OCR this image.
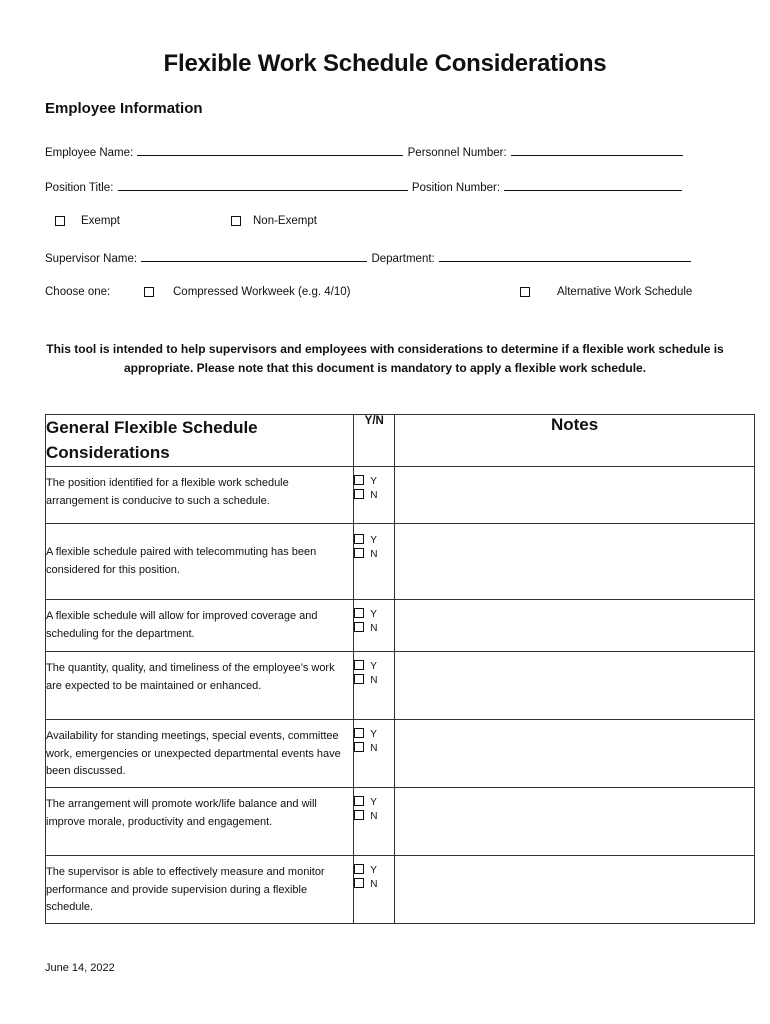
Flexible Work Schedule Considerations
Employee Information
Employee Name:	Personnel Number:
Position Title:	Position Number:
Exempt	Non-Exempt
Supervisor Name:	Department:
Choose one:	Compressed Workweek (e.g. 4/10)	Alternative Work Schedule
This tool is intended to help supervisors and employees with considerations to determine if a flexible work schedule is appropriate. Please note that this document is mandatory to apply a flexible work schedule.
General Flexible Schedule Considerations	Y/N	Notes
The position identified for a flexible work schedule arrangement is conducive to such a schedule.	Y
N	

A flexible schedule paired with telecommuting has been considered for this position.	Y
N	

A flexible schedule will allow for improved coverage and scheduling for the department.	Y
N	

The quantity, quality, and timeliness of the employee’s work are expected to be maintained or enhanced.	Y
N	

Availability for standing meetings, special events, committee work, emergencies or unexpected departmental events have been discussed.	Y
N	

The arrangement will promote work/life balance and will improve morale, productivity and engagement.	Y
N	

The supervisor is able to effectively measure and monitor performance and provide supervision during a flexible schedule.	Y
N	

June 14, 2022
